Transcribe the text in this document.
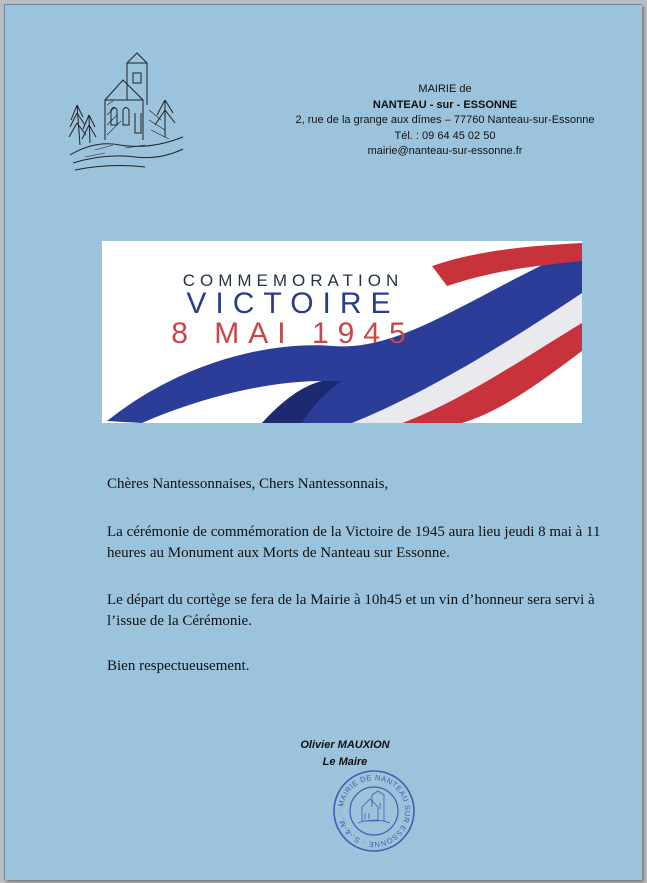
MAIRIE de
NANTEAU - sur - ESSONNE
2, rue de la grange aux dîmes – 77760 Nanteau-sur-Essonne
Tél. : 09 64 45 02 50
mairie@nanteau-sur-essonne.fr
COMMEMORATION
VICTOIRE
8 MAI 1945
Chères Nantessonnaises, Chers Nantessonnais,
La cérémonie de commémoration de la Victoire de 1945 aura lieu jeudi 8 mai à 11 heures au Monument aux Morts de Nanteau sur Essonne.
Le départ du cortège se fera de la Mairie à 10h45 et un vin d’honneur sera servi à l’issue de la Cérémonie.
Bien respectueusement.
Olivier MAUXION
Le Maire
MAIRIE DE NANTEAU SUR ESSONNE · S.-&-M. ·
